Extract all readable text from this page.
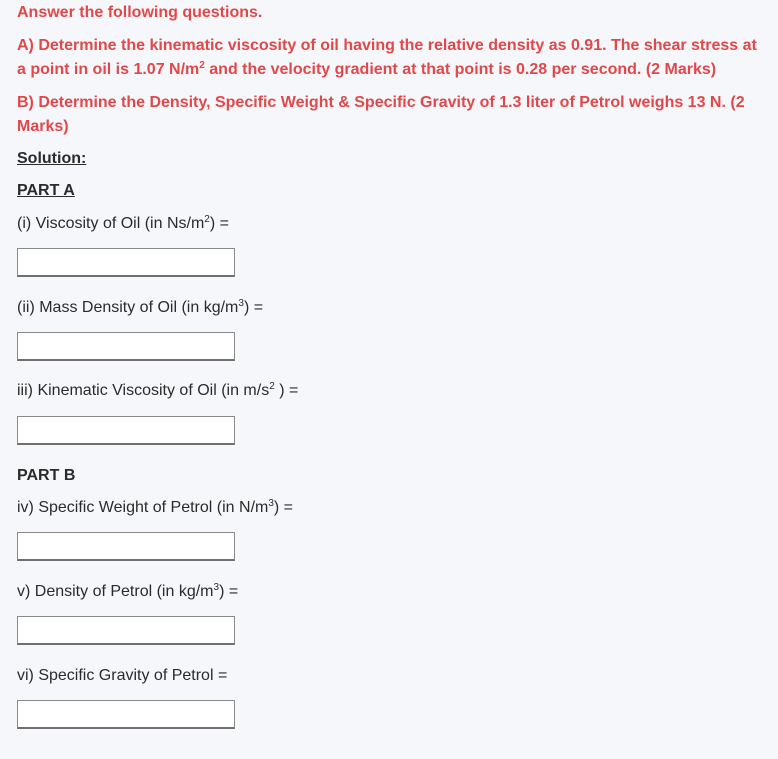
Answer the following questions.
A) Determine the kinematic viscosity of oil having the relative density as 0.91. The shear stress at a point in oil is 1.07 $N/m^2$ and the velocity gradient at that point is 0.28 per second. (2 Marks)
B) Determine the Density, Specific Weight & Specific Gravity of 1.3 liter of Petrol weighs 13 N. (2 Marks)
Solution:
PART A
(i) Viscosity of Oil (in $Ns/m^2$) =
(ii) Mass Density of Oil (in $kg/m^3$) =
iii) Kinematic Viscosity of Oil (in $m/s^2$ ) =
PART B
iv) Specific Weight of Petrol (in $N/m^3$) =
v) Density of Petrol (in $kg/m^3$) =
vi) Specific Gravity of Petrol =
